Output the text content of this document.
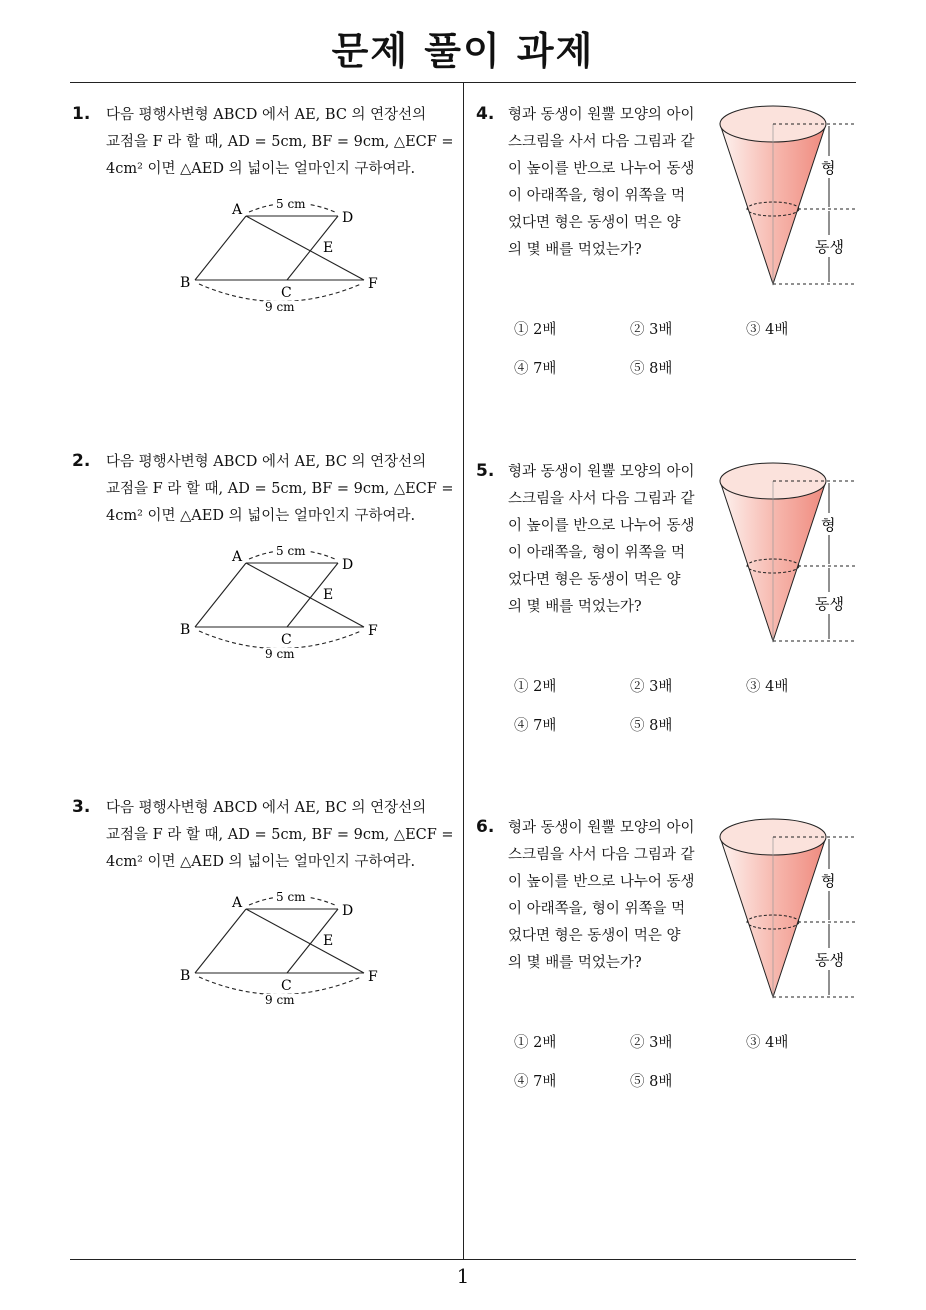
문제 풀이 과제
1
1. 다음 평행사변형 ABCD 에서 AE, BC 의 연장선의

교점을 F 라 할 때, AD = 5cm, BF = 9cm, △ECF =

4cm² 이면 △AED 의 넓이는 얼마인지 구하여라.

A	D
E
B
C
F
5 cm
9 cm
2. 다음 평행사변형 ABCD 에서 AE, BC 의 연장선의

교점을 F 라 할 때, AD = 5cm, BF = 9cm, △ECF =

4cm² 이면 △AED 의 넓이는 얼마인지 구하여라.

A	D
E
B
C
F
5 cm
9 cm
3. 다음 평행사변형 ABCD 에서 AE, BC 의 연장선의

교점을 F 라 할 때, AD = 5cm, BF = 9cm, △ECF =

4cm² 이면 △AED 의 넓이는 얼마인지 구하여라.

A	D
E
B
C
F
5 cm
9 cm
4. 형과 동생이 원뿔 모양의 아이

스크림을 사서 다음 그림과 같

이 높이를 반으로 나누어 동생

이 아래쪽을, 형이 위쪽을 먹

었다면 형은 동생이 먹은 양

의 몇 배를 먹었는가?

형
동생
① 2배	② 3배	③ 4배
④ 7배	⑤ 8배
5. 형과 동생이 원뿔 모양의 아이

스크림을 사서 다음 그림과 같

이 높이를 반으로 나누어 동생

이 아래쪽을, 형이 위쪽을 먹

었다면 형은 동생이 먹은 양

의 몇 배를 먹었는가?

형
동생
① 2배	② 3배	③ 4배
④ 7배	⑤ 8배
6. 형과 동생이 원뿔 모양의 아이

스크림을 사서 다음 그림과 같

이 높이를 반으로 나누어 동생

이 아래쪽을, 형이 위쪽을 먹

었다면 형은 동생이 먹은 양

의 몇 배를 먹었는가?

형
동생
① 2배	② 3배	③ 4배
④ 7배	⑤ 8배
